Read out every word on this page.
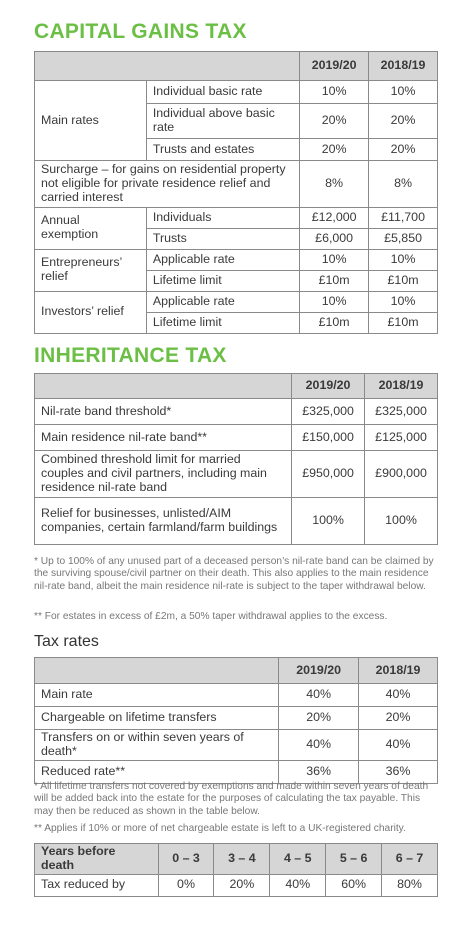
CAPITAL GAINS TAX
		2019/20	2018/19
Main rates	Individual basic rate	10%	10%
	Individual above basic rate	20%	20%
	Trusts and estates	20%	20%
Surcharge – for gains on residential property not eligible for private residence relief and carried interest		8%	8%
Annual exemption	Individuals	£12,000	£11,700
	Trusts	£6,000	£5,850
Entrepreneurs’ relief	Applicable rate	10%	10%
	Lifetime limit	£10m	£10m
Investors’ relief	Applicable rate	10%	10%
	Lifetime limit	£10m	£10m
INHERITANCE TAX
	2019/20	2018/19
Nil-rate band threshold*	£325,000	£325,000
Main residence nil-rate band**	£150,000	£125,000
Combined threshold limit for married couples and civil partners, including main residence nil-rate band	£950,000	£900,000
Relief for businesses, unlisted/AIM companies, certain farmland/farm buildings	100%	100%
* Up to 100% of any unused part of a deceased person’s nil-rate band can be claimed by the surviving spouse/civil partner on their death. This also applies to the main residence nil-rate band, albeit the main residence nil-rate is subject to the taper withdrawal below.
** For estates in excess of £2m, a 50% taper withdrawal applies to the excess.
Tax rates
	2019/20	2018/19
Main rate	40%	40%
Chargeable on lifetime transfers	20%	20%
Transfers on or within seven years of death*	40%	40%
Reduced rate**	36%	36%
* All lifetime transfers not covered by exemptions and made within seven years of death will be added back into the estate for the purposes of calculating the tax payable. This may then be reduced as shown in the table below.
** Applies if 10% or more of net chargeable estate is left to a UK-registered charity.
Years before death	0 – 3	3 – 4	4 – 5	5 – 6	6 – 7
Tax reduced by	0%	20%	40%	60%	80%
